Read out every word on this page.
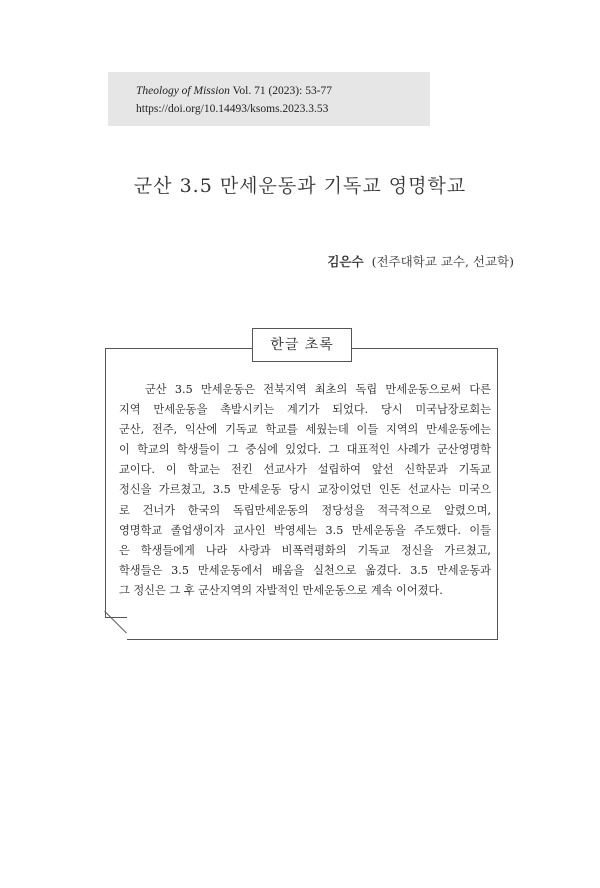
Theology of Mission Vol. 71 (2023): 53-77
https://doi.org/10.14493/ksoms.2023.3.53
군산 3.5 만세운동과 기독교 영명학교
김은수 (전주대학교 교수, 선교학)
한글 초록
군산 3.5 만세운동은 전북지역 최초의 독립 만세운동으로써 다른
지역 만세운동을 촉발시키는 계기가 되었다. 당시 미국남장로회는
군산, 전주, 익산에 기독교 학교를 세웠는데 이들 지역의 만세운동에는
이 학교의 학생들이 그 중심에 있었다. 그 대표적인 사례가 군산영명학
교이다. 이 학교는 전킨 선교사가 설립하여 앞선 신학문과 기독교
정신을 가르쳤고, 3.5 만세운동 당시 교장이었던 인돈 선교사는 미국으
로 건너가 한국의 독립만세운동의 정당성을 적극적으로 알렸으며,
영명학교 졸업생이자 교사인 박영세는 3.5 만세운동을 주도했다. 이들
은 학생들에게 나라 사랑과 비폭력평화의 기독교 정신을 가르쳤고,
학생들은 3.5 만세운동에서 배움을 실천으로 옮겼다. 3.5 만세운동과
그 정신은 그 후 군산지역의 자발적인 만세운동으로 계속 이어졌다.
